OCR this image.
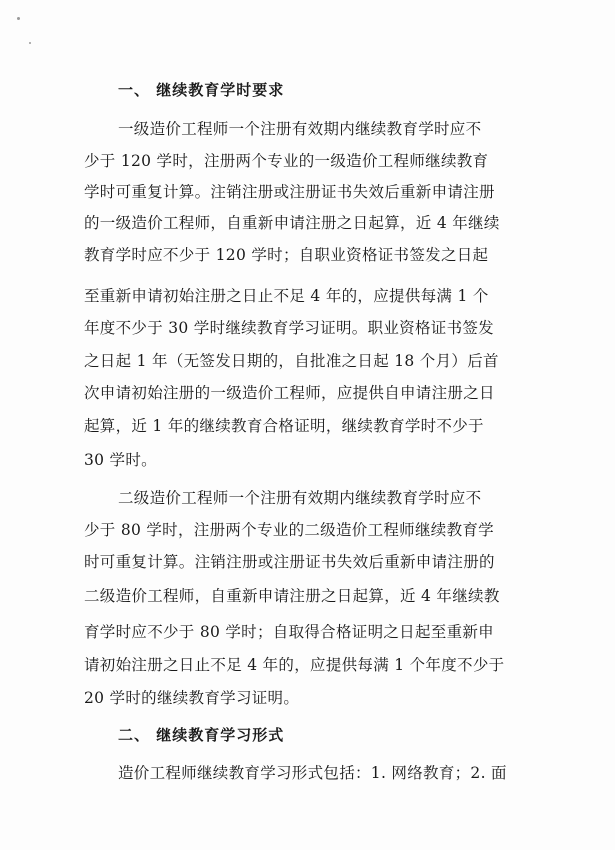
一、 继续教育学时要求

一级造价工程师一个注册有效期内继续教育学时应不

少于 120 学时，注册两个专业的一级造价工程师继续教育

学时可重复计算。注销注册或注册证书失效后重新申请注册

的一级造价工程师，自重新申请注册之日起算，近 4 年继续

教育学时应不少于 120 学时；自职业资格证书签发之日起

至重新申请初始注册之日止不足 4 年的，应提供每满 1 个

年度不少于 30 学时继续教育学习证明。职业资格证书签发

之日起 1 年（无签发日期的，自批准之日起 18 个月）后首

次申请初始注册的一级造价工程师，应提供自申请注册之日

起算，近 1 年的继续教育合格证明，继续教育学时不少于

30 学时。

二级造价工程师一个注册有效期内继续教育学时应不

少于 80 学时，注册两个专业的二级造价工程师继续教育学

时可重复计算。注销注册或注册证书失效后重新申请注册的

二级造价工程师，自重新申请注册之日起算，近 4 年继续教

育学时应不少于 80 学时；自取得合格证明之日起至重新申

请初始注册之日止不足 4 年的，应提供每满 1 个年度不少于

20 学时的继续教育学习证明。

二、 继续教育学习形式

造价工程师继续教育学习形式包括：1. 网络教育；2. 面
